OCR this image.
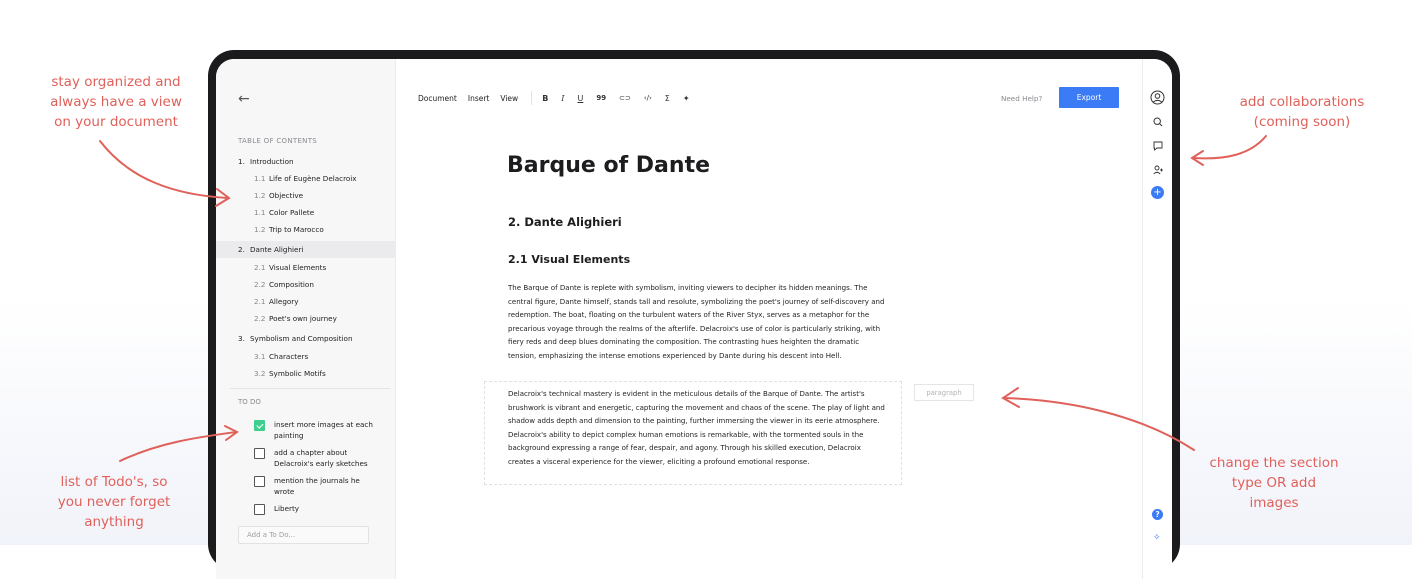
stay organized and
always have a view
on your document
list of Todo's, so
you never forget
anything
add collaborations
(coming soon)
change the section
type OR add
images
←
TABLE OF CONTENTS
1. Introduction
1.1 Life of Eugène Delacroix
1.2 Objective
1.1 Color Pallete
1.2 Trip to Marocco
2. Dante Alighieri
2.1 Visual Elements
2.2 Composition
2.1 Allegory
2.2 Poet's own journey
3. Symbolism and Composition
3.1 Characters
3.2 Symbolic Motifs
TO DO
insert more images at each painting
add a chapter about Delacroix's early sketches
mention the journals he wrote
Liberty
Add a To Do...
Document Insert View	B I U 99 ⊂⊃ ‹/› Σ ✦	Need Help?	Export
Barque of Dante
2. Dante Alighieri
2.1 Visual Elements

The Barque of Dante is replete with symbolism, inviting viewers to decipher its hidden meanings. The central figure, Dante himself, stands tall and resolute, symbolizing the poet's journey of self-discovery and redemption. The boat, floating on the turbulent waters of the River Styx, serves as a metaphor for the precarious voyage through the realms of the afterlife. Delacroix's use of color is particularly striking, with fiery reds and deep blues dominating the composition. The contrasting hues heighten the dramatic tension, emphasizing the intense emotions experienced by Dante during his descent into Hell.

Delacroix's technical mastery is evident in the meticulous details of the Barque of Dante. The artist's brushwork is vibrant and energetic, capturing the movement and chaos of the scene. The play of light and shadow adds depth and dimension to the painting, further immersing the viewer in its eerie atmosphere. Delacroix's ability to depict complex human emotions is remarkable, with the tormented souls in the background expressing a range of fear, despair, and agony. Through his skilled execution, Delacroix creates a visceral experience for the viewer, eliciting a profound emotional response.

paragraph
+
?
✧
